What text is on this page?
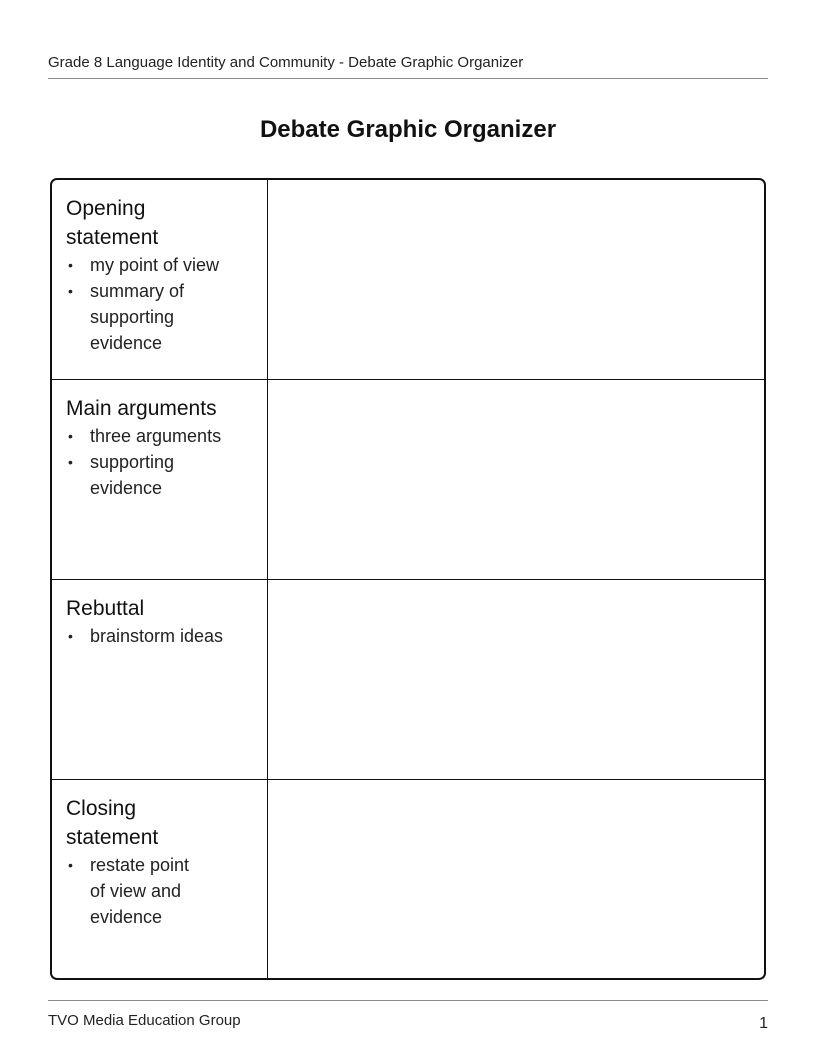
Grade 8 Language Identity and Community - Debate Graphic Organizer
Debate Graphic Organizer
Opening
statement
• my point of view
• summary of
supporting
evidence
Main arguments
• three arguments
• supporting
evidence
Rebuttal
• brainstorm ideas
Closing
statement
• restate point
of view and
evidence
TVO Media Education Group	1
